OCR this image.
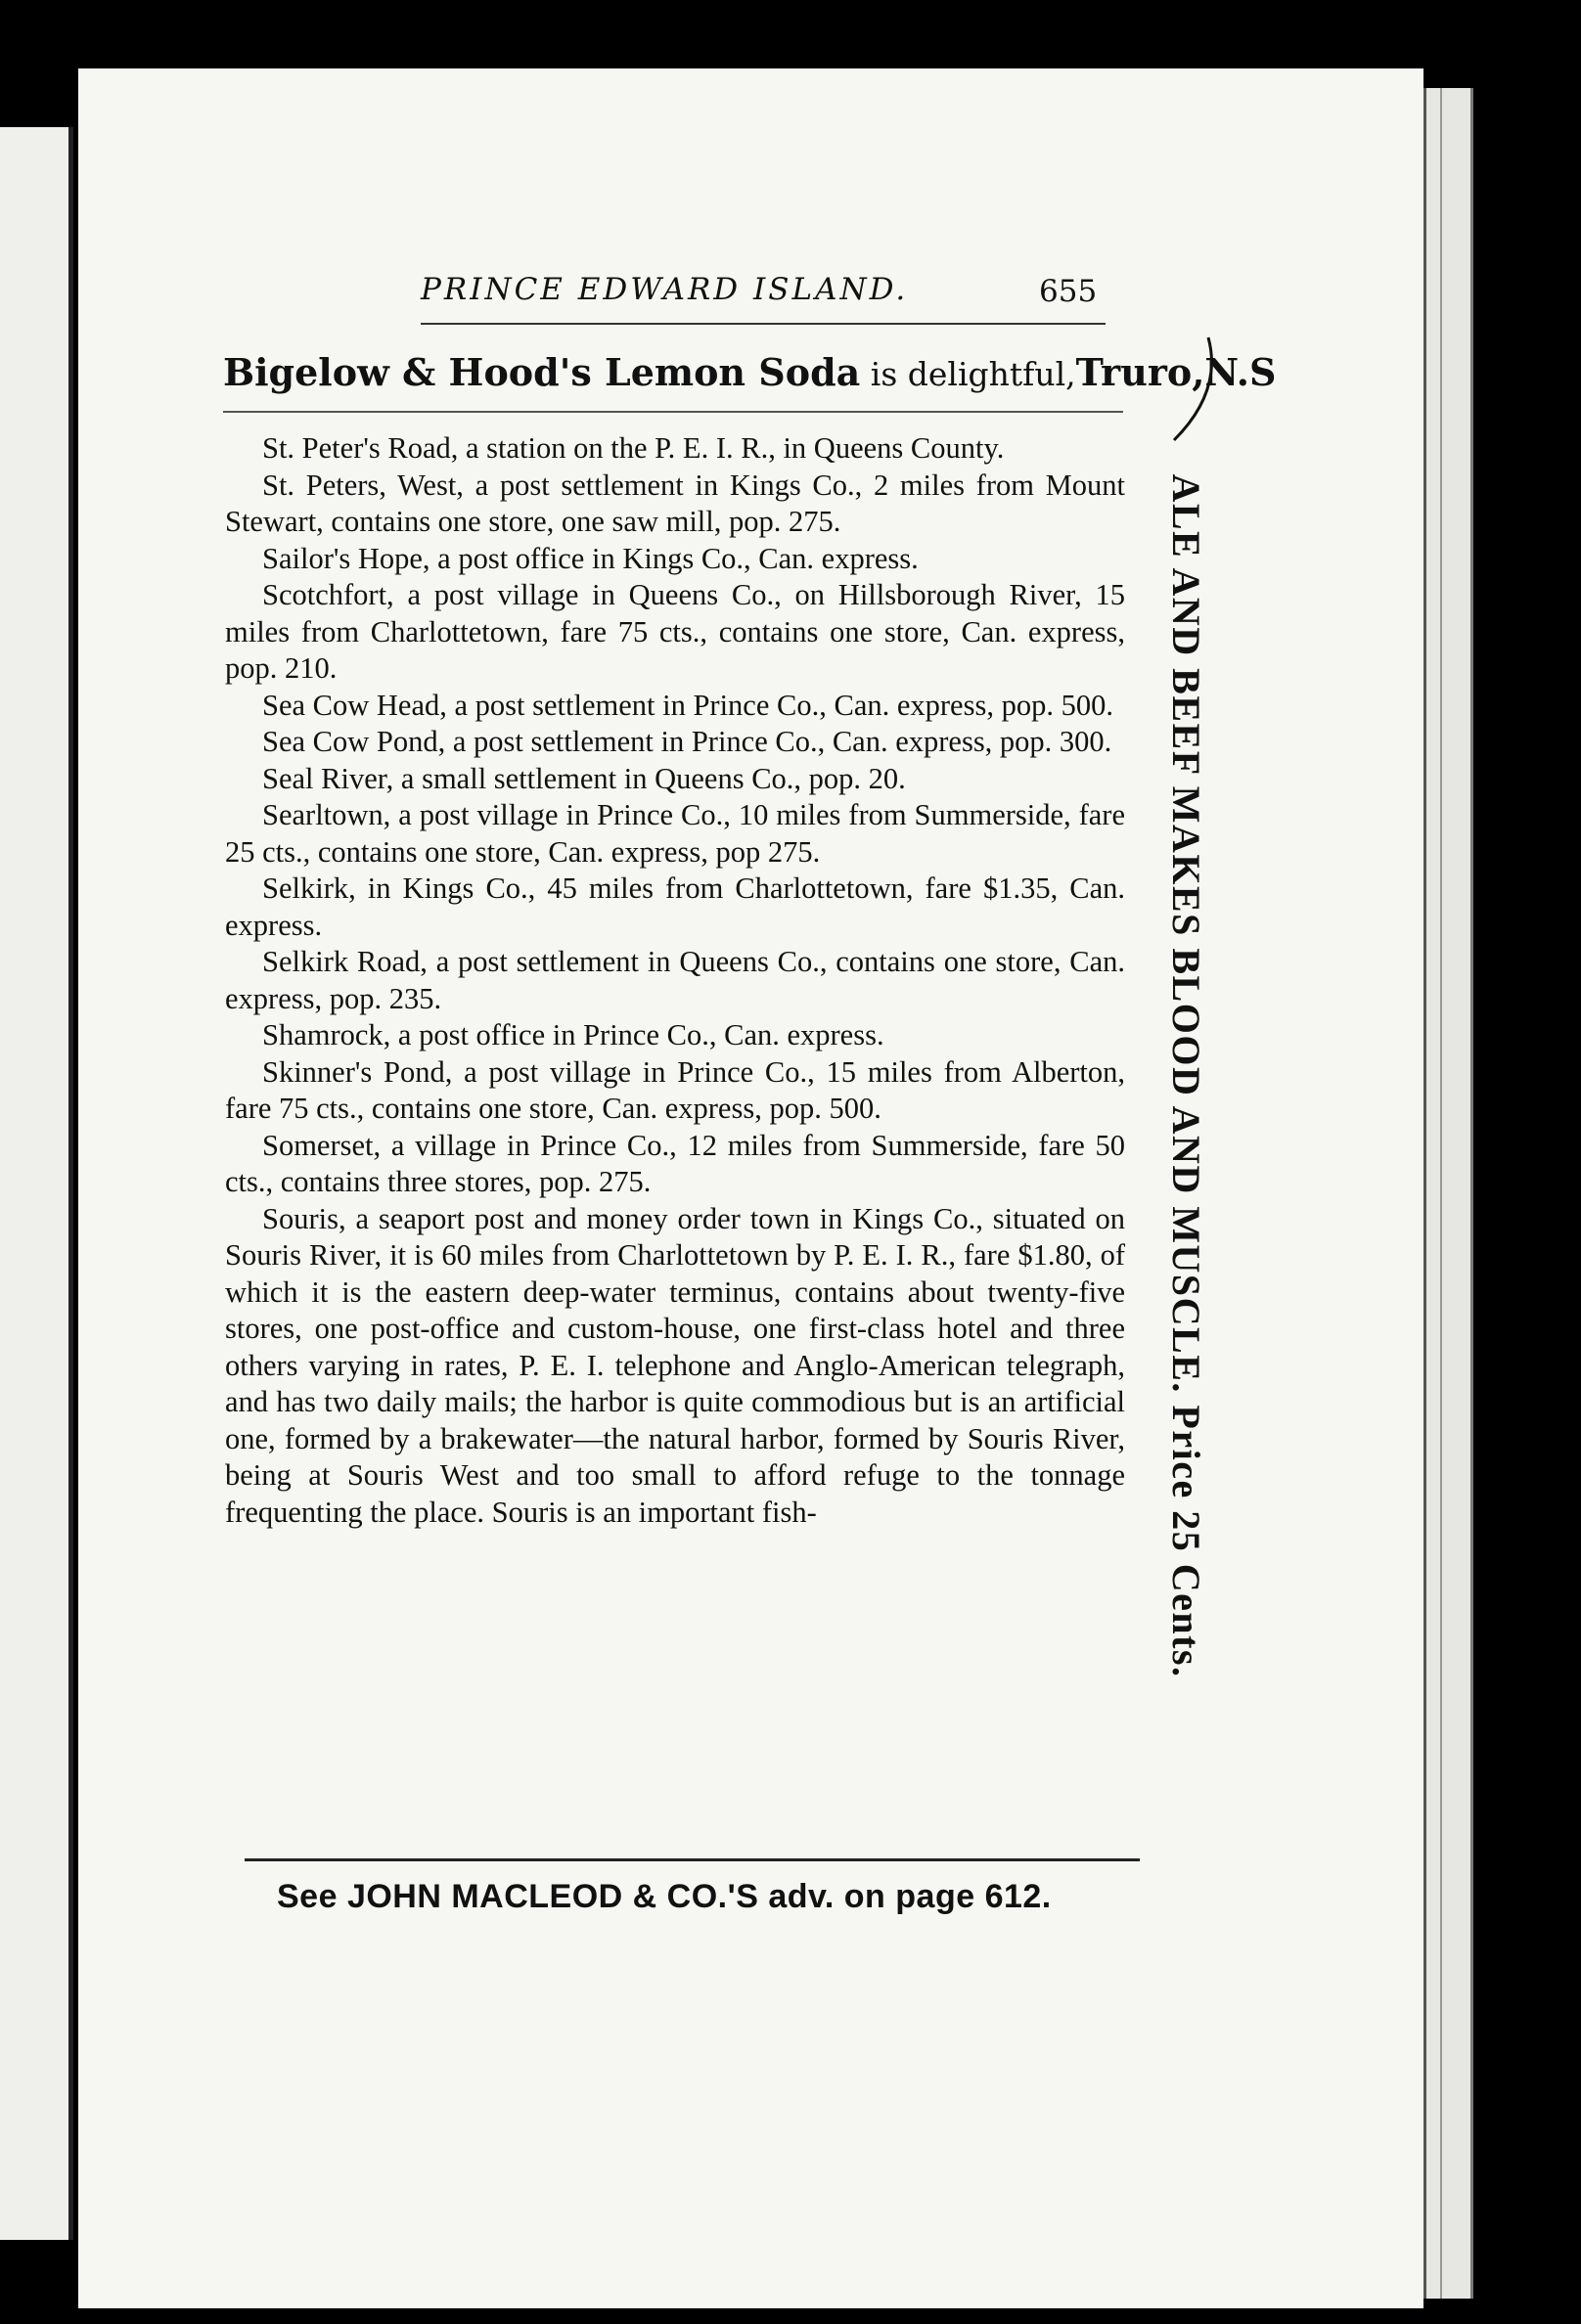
PRINCE EDWARD ISLAND.	655
Bigelow & Hood's Lemon Soda is delightful,Truro,N.S

St. Peter's Road, a station on the P. E. I. R., in Queens County.

St. Peters, West, a post settlement in Kings Co., 2 miles from Mount Stewart, contains one store, one saw mill, pop. 275.

Sailor's Hope, a post office in Kings Co., Can. express.

Scotchfort, a post village in Queens Co., on Hillsborough River, 15 miles from Charlottetown, fare 75 cts., contains one store, Can. express, pop. 210.

Sea Cow Head, a post settlement in Prince Co., Can. express, pop. 500.

Sea Cow Pond, a post settlement in Prince Co., Can. express, pop. 300.

Seal River, a small settlement in Queens Co., pop. 20.

Searltown, a post village in Prince Co., 10 miles from Summerside, fare 25 cts., contains one store, Can. express, pop 275.

Selkirk, in Kings Co., 45 miles from Charlottetown, fare $1.35, Can. express.

Selkirk Road, a post settlement in Queens Co., contains one store, Can. express, pop. 235.

Shamrock, a post office in Prince Co., Can. express.

Skinner's Pond, a post village in Prince Co., 15 miles from Alberton, fare 75 cts., contains one store, Can. express, pop. 500.

Somerset, a village in Prince Co., 12 miles from Summerside, fare 50 cts., contains three stores, pop. 275.

Souris, a seaport post and money order town in Kings Co., situated on Souris River, it is 60 miles from Charlottetown by P. E. I. R., fare $1.80, of which it is the eastern deep-water terminus, contains about twenty-five stores, one post-office and custom-house, one first-class hotel and three others varying in rates, P. E. I. telephone and Anglo-American telegraph, and has two daily mails; the harbor is quite commodious but is an artificial one, formed by a brakewater—the natural harbor, formed by Souris River, being at Souris West and too small to afford refuge to the tonnage frequenting the place. Souris is an important fish-	ALE AND BEEF MAKES BLOOD AND MUSCLE. Price 25 Cents.
See JOHN MACLEOD & CO.'S adv. on page 612.
